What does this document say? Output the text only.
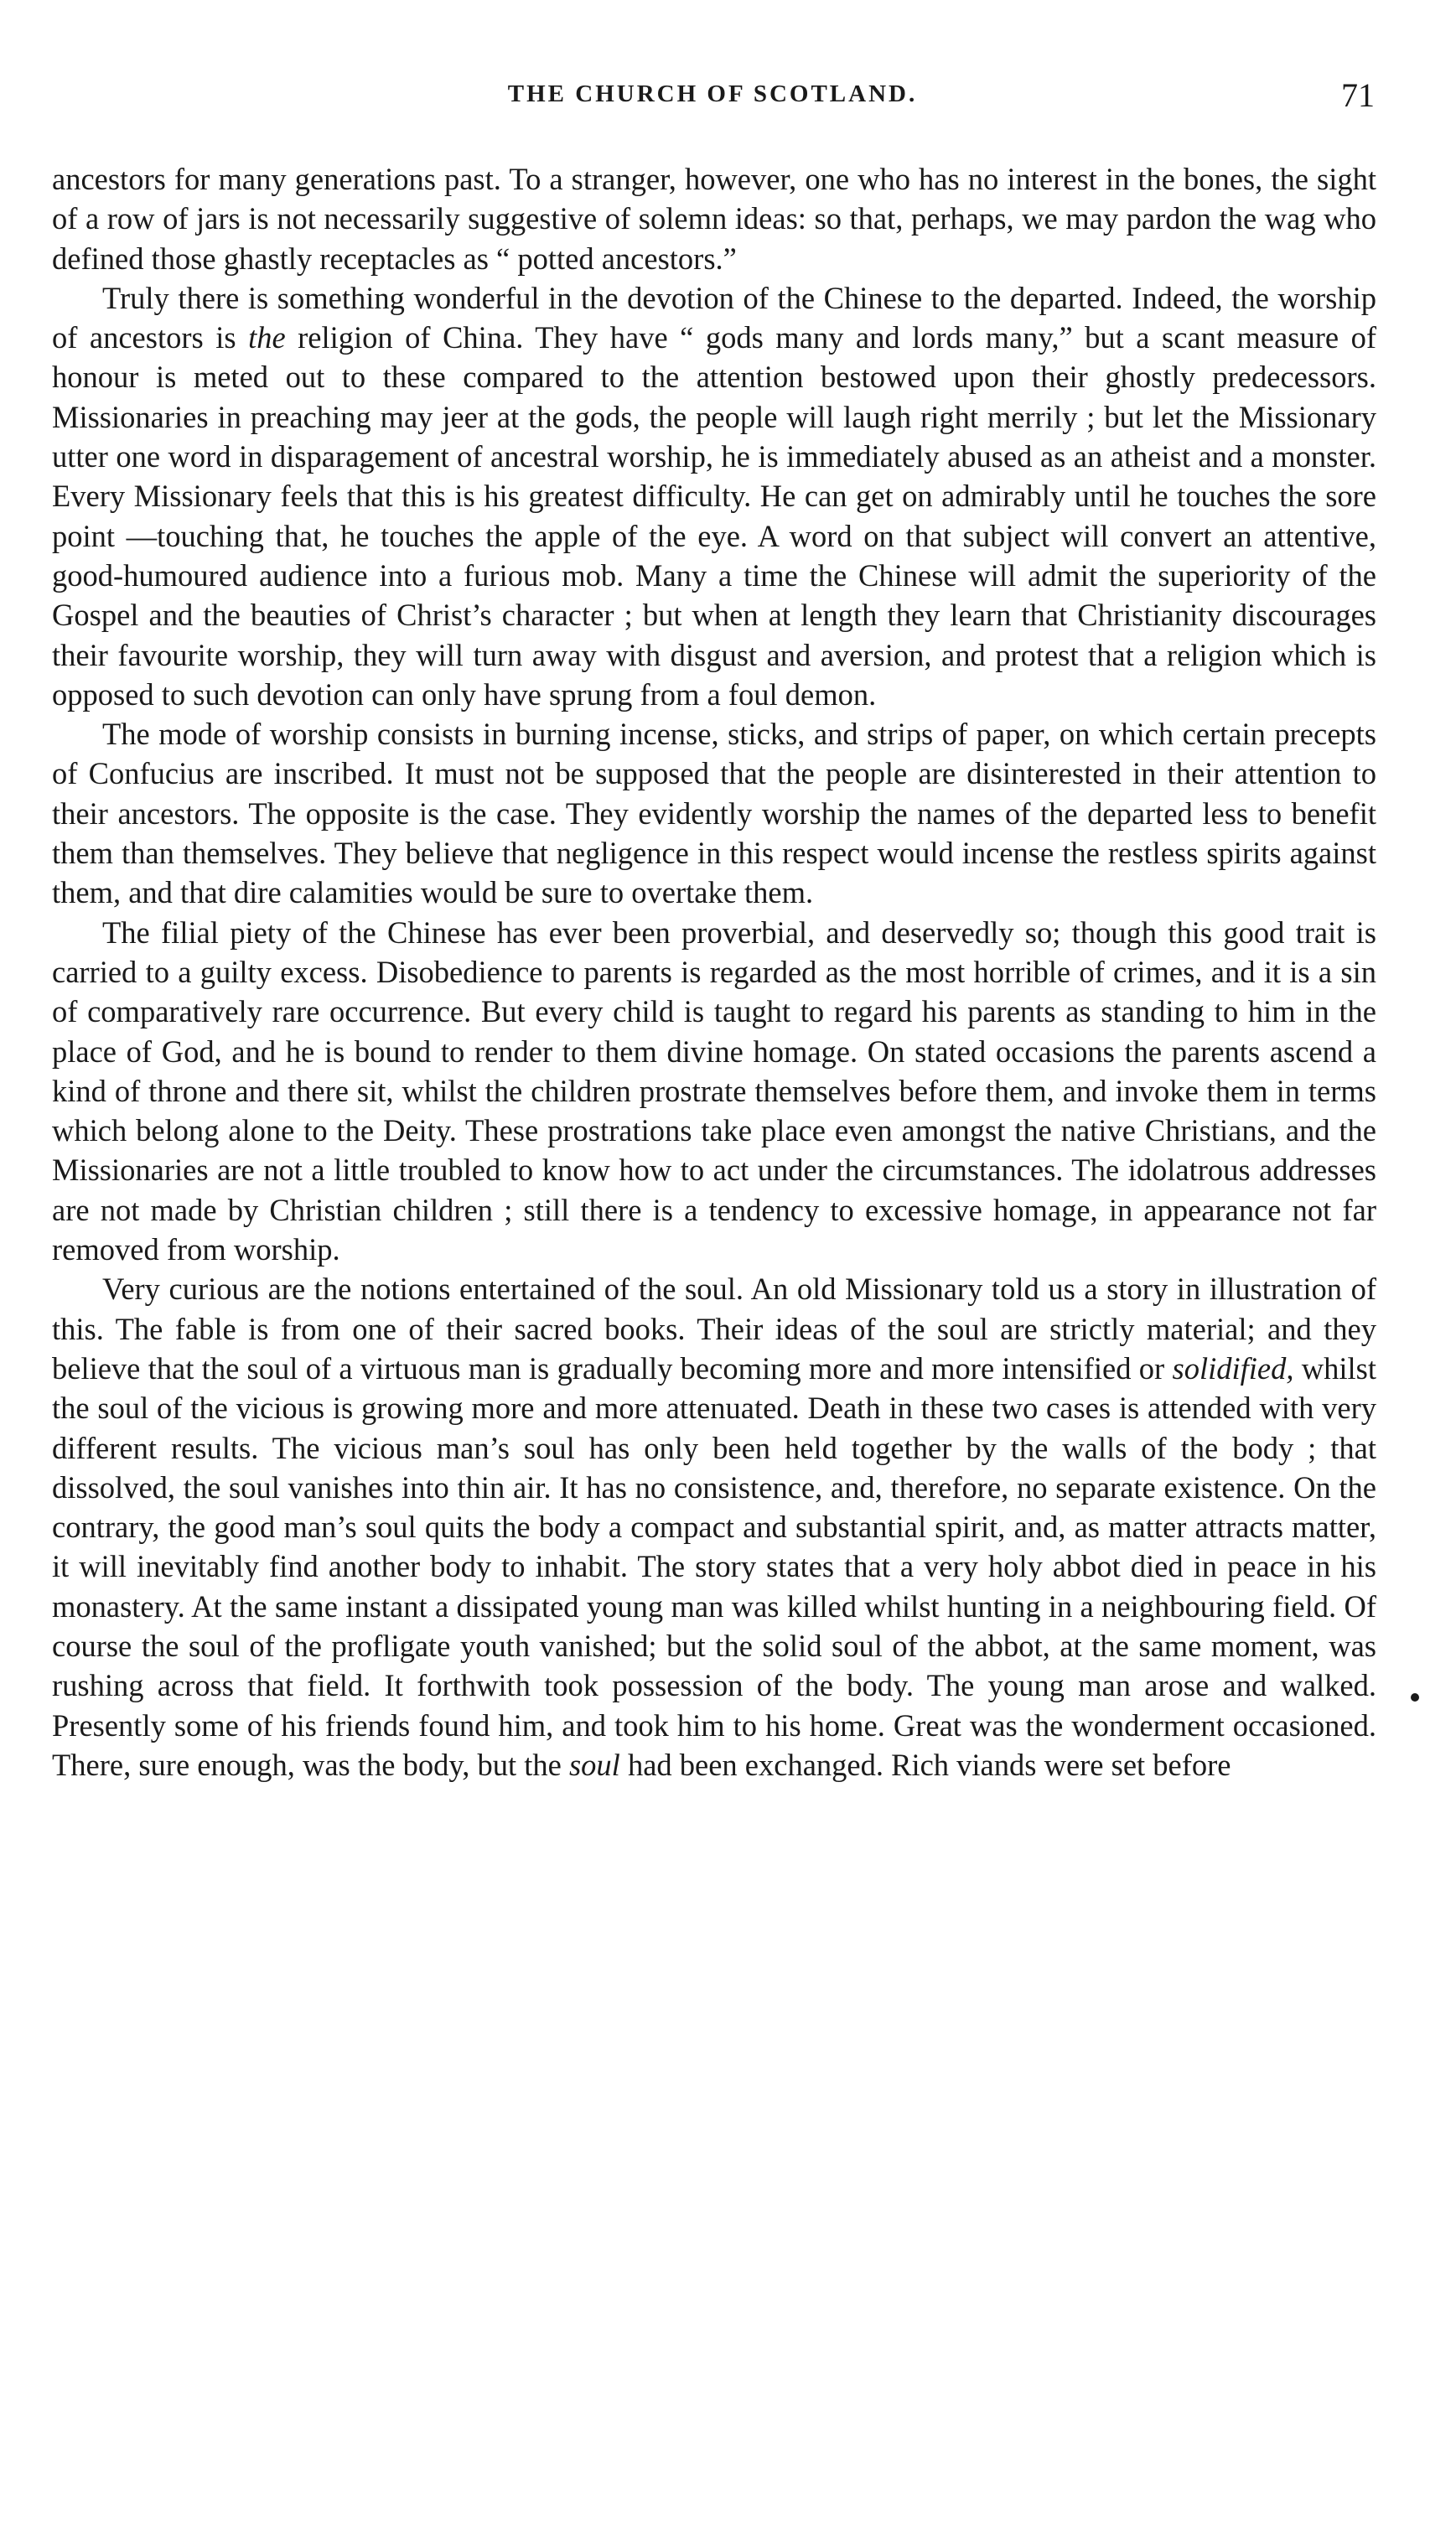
THE CHURCH OF SCOTLAND.	71

ancestors for many generations past. To a stranger, however, one who has no interest in the bones, the sight of a row of jars is not necessarily suggestive of solemn ideas: so that, perhaps, we may pardon the wag who defined those ghastly receptacles as “ potted ancestors.”

Truly there is something wonderful in the devotion of the Chinese to the departed. Indeed, the worship of ancestors is the religion of China. They have “ gods many and lords many,” but a scant measure of honour is meted out to these compared to the attention bestowed upon their ghostly predecessors. Missionaries in preaching may jeer at the gods, the people will laugh right merrily ; but let the Missionary utter one word in disparagement of ancestral worship, he is immediately abused as an atheist and a monster. Every Missionary feels that this is his greatest difficulty. He can get on admirably until he touches the sore point —touching that, he touches the apple of the eye. A word on that subject will convert an attentive, good-humoured audience into a furious mob. Many a time the Chinese will admit the superiority of the Gospel and the beauties of Christ’s character ; but when at length they learn that Christianity discourages their favourite worship, they will turn away with disgust and aversion, and protest that a religion which is opposed to such devotion can only have sprung from a foul demon.

The mode of worship consists in burning incense, sticks, and strips of paper, on which certain precepts of Confucius are inscribed. It must not be supposed that the people are disinterested in their attention to their ancestors. The opposite is the case. They evidently worship the names of the departed less to benefit them than themselves. They believe that negligence in this respect would incense the restless spirits against them, and that dire calamities would be sure to overtake them.

The filial piety of the Chinese has ever been proverbial, and deservedly so; though this good trait is carried to a guilty excess. Disobedience to parents is regarded as the most horrible of crimes, and it is a sin of comparatively rare occurrence. But every child is taught to regard his parents as standing to him in the place of God, and he is bound to render to them divine homage. On stated occasions the parents ascend a kind of throne and there sit, whilst the children prostrate themselves before them, and invoke them in terms which belong alone to the Deity. These prostrations take place even amongst the native Christians, and the Missionaries are not a little troubled to know how to act under the circumstances. The idolatrous addresses are not made by Christian children ; still there is a tendency to excessive homage, in appearance not far removed from worship.

Very curious are the notions entertained of the soul. An old Missionary told us a story in illustration of this. The fable is from one of their sacred books. Their ideas of the soul are strictly material; and they believe that the soul of a virtuous man is gradually becoming more and more intensified or solidified, whilst the soul of the vicious is growing more and more attenuated. Death in these two cases is attended with very different results. The vicious man’s soul has only been held together by the walls of the body ; that dissolved, the soul vanishes into thin air. It has no consistence, and, therefore, no separate existence. On the contrary, the good man’s soul quits the body a compact and substantial spirit, and, as matter attracts matter, it will inevitably find another body to inhabit. The story states that a very holy abbot died in peace in his monastery. At the same instant a dissipated young man was killed whilst hunting in a neighbouring field. Of course the soul of the profligate youth vanished; but the solid soul of the abbot, at the same moment, was rushing across that field. It forthwith took possession of the body. The young man arose and walked. Presently some of his friends found him, and took him to his home. Great was the wonderment occasioned. There, sure enough, was the body, but the soul had been exchanged. Rich viands were set before
